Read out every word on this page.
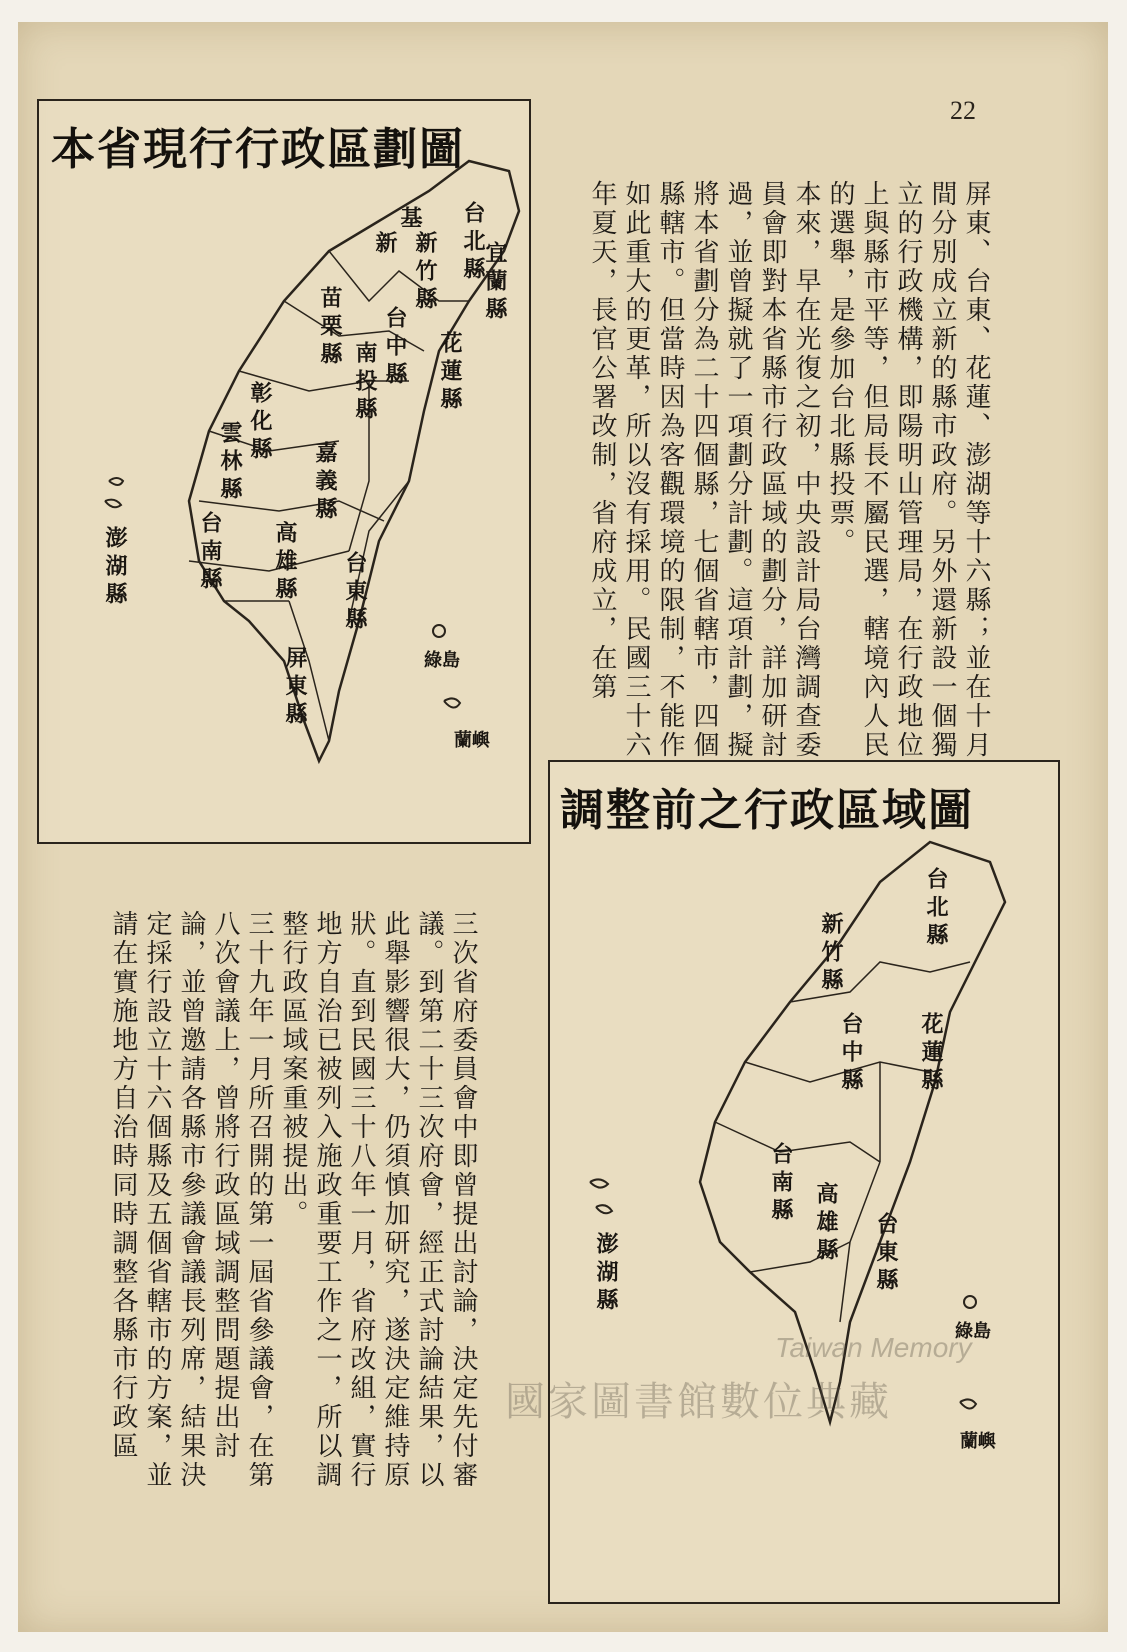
22
本省現行行政區劃圖
台北縣
宜蘭縣
基
新 新竹縣
苗栗縣 台中縣
彰化縣	南投縣	花蓮縣
雲林縣	嘉義縣
台南縣 高雄縣 台東縣
屏東縣
澎湖縣
綠島
蘭嶼	屏東、台東、花蓮、澎湖等十六縣；並在十月間分別成立新的縣市政府。另外還新設一個獨立的行政機構，即陽明山管理局，在行政地位上與縣市平等，但局長不屬民選，轄境內人民的選舉，是參加台北縣投票。

本來，早在光復之初，中央設計局台灣調查委員會即對本省縣市行政區域的劃分，詳加研討過，並曾擬就了一項劃分計劃。這項計劃，擬將本省劃分為二十四個縣，七個省轄市，四個縣轄市。但當時因為客觀環境的限制，不能作如此重大的更革，所以沒有採用。民國三十六年夏天，長官公署改制，省府成立，在第

調整前之行政區域圖
台北縣
新竹縣
台中縣	花蓮縣
台南縣 高雄縣 台東縣
澎湖縣
綠島
蘭嶼

三次省府委員會中即曾提出討論，決定先付審議。到第二十三次府會，經正式討論結果，以此舉影響很大，仍須慎加研究，遂決定維持原狀。直到民國三十八年一月，省府改組，實行地方自治已被列入施政重要工作之一，所以調整行政區域案重被提出。

三十九年一月所召開的第一屆省參議會，在第八次會議上，曾將行政區域調整問題提出討論，並曾邀請各縣市參議會議長列席，結果決定採行設立十六個縣及五個省轄市的方案，並請在實施地方自治時同時調整各縣市行政區	Taiwan Memory
國家圖書館數位典藏
